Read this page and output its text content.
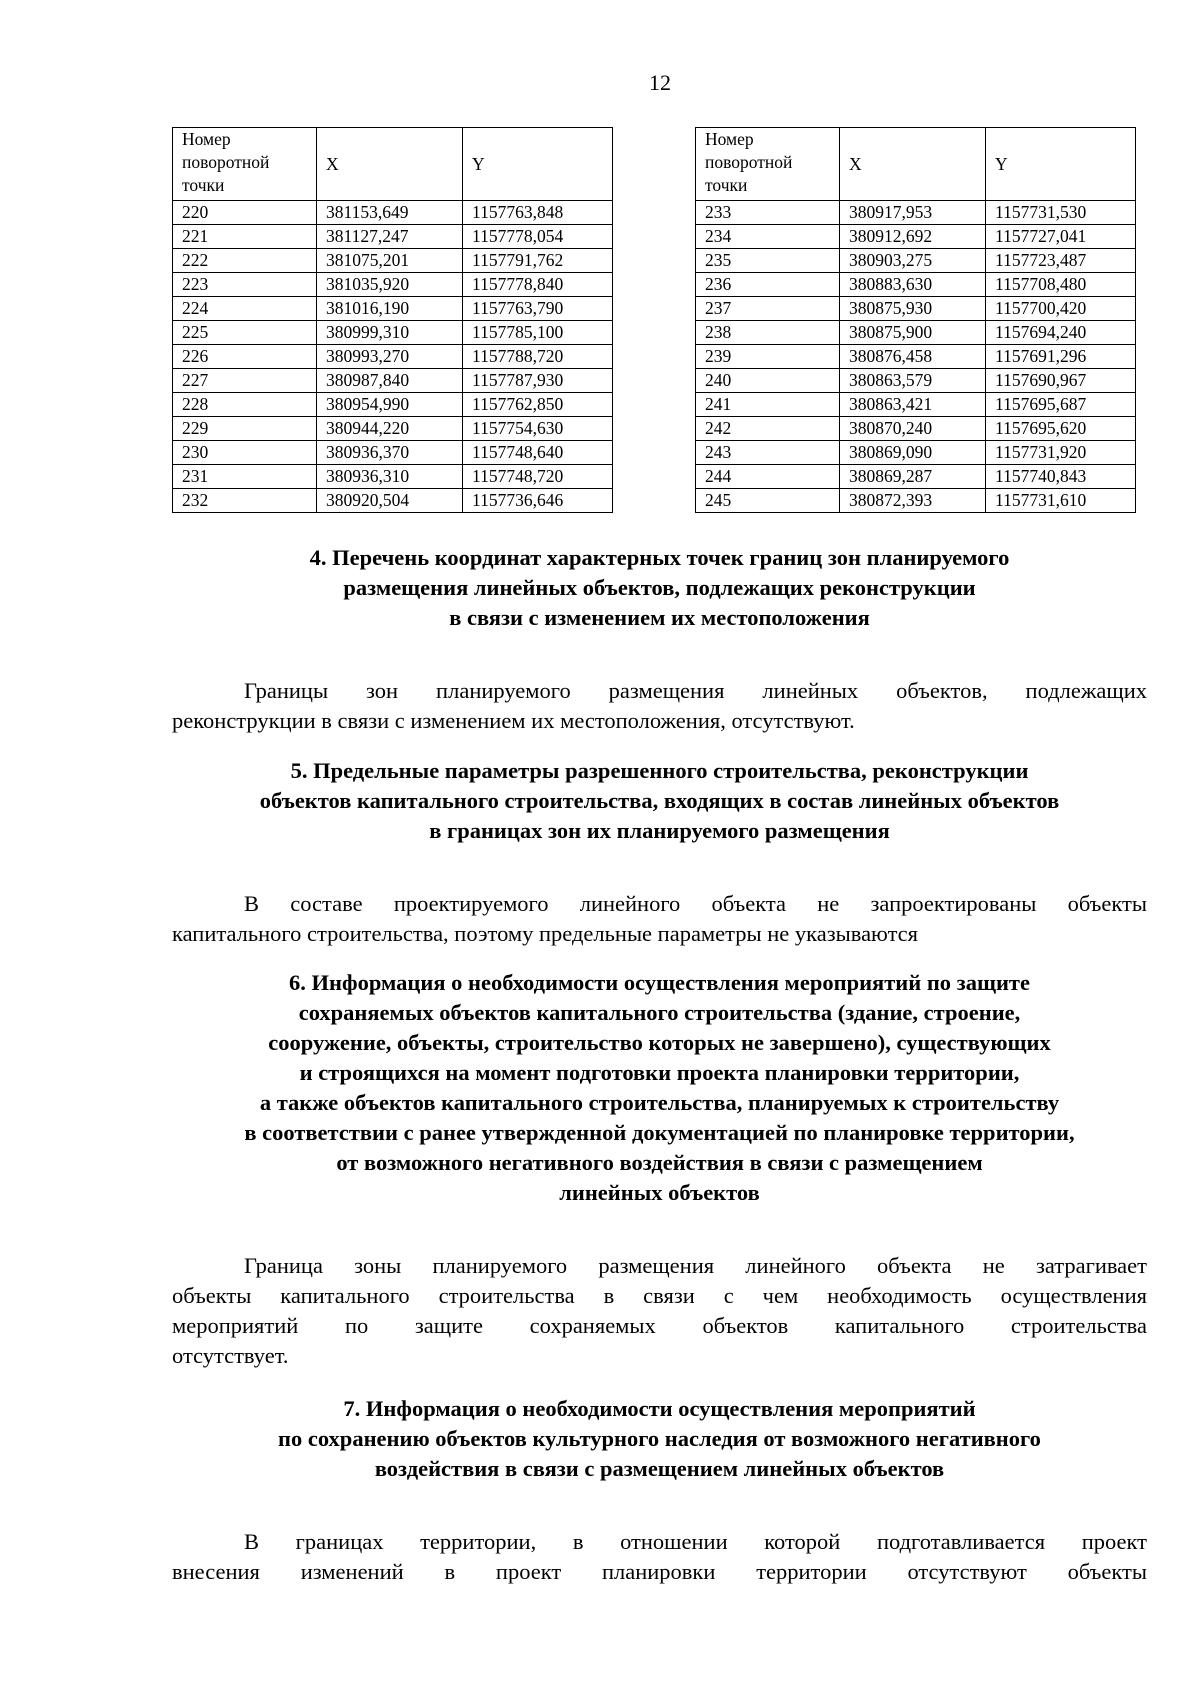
12
Номер
поворотной
точки	X	Y
220	381153,649	1157763,848
221	381127,247	1157778,054
222	381075,201	1157791,762
223	381035,920	1157778,840
224	381016,190	1157763,790
225	380999,310	1157785,100
226	380993,270	1157788,720
227	380987,840	1157787,930
228	380954,990	1157762,850
229	380944,220	1157754,630
230	380936,370	1157748,640
231	380936,310	1157748,720
232	380920,504	1157736,646
Номер
поворотной
точки	X	Y
233	380917,953	1157731,530
234	380912,692	1157727,041
235	380903,275	1157723,487
236	380883,630	1157708,480
237	380875,930	1157700,420
238	380875,900	1157694,240
239	380876,458	1157691,296
240	380863,579	1157690,967
241	380863,421	1157695,687
242	380870,240	1157695,620
243	380869,090	1157731,920
244	380869,287	1157740,843
245	380872,393	1157731,610
4. Перечень координат характерных точек границ зон планируемого
размещения линейных объектов, подлежащих реконструкции
в связи с изменением их местоположения
Границы зон планируемого размещения линейных объектов, подлежащих
реконструкции в связи с изменением их местоположения, отсутствуют.
5. Предельные параметры разрешенного строительства, реконструкции
объектов капитального строительства, входящих в состав линейных объектов
в границах зон их планируемого размещения
В составе проектируемого линейного объекта не запроектированы объекты
капитального строительства, поэтому предельные параметры не указываются
6. Информация о необходимости осуществления мероприятий по защите
сохраняемых объектов капитального строительства (здание, строение,
сооружение, объекты, строительство которых не завершено), существующих
и строящихся на момент подготовки проекта планировки территории,
а также объектов капитального строительства, планируемых к строительству
в соответствии с ранее утвержденной документацией по планировке территории,
от возможного негативного воздействия в связи с размещением
линейных объектов
Граница зоны планируемого размещения линейного объекта не затрагивает
объекты капитального строительства в связи с чем необходимость осуществления
мероприятий по защите сохраняемых объектов капитального строительства
отсутствует.
7. Информация о необходимости осуществления мероприятий
по сохранению объектов культурного наследия от возможного негативного
воздействия в связи с размещением линейных объектов
В границах территории, в отношении которой подготавливается проект
внесения изменений в проект планировки территории отсутствуют объекты
